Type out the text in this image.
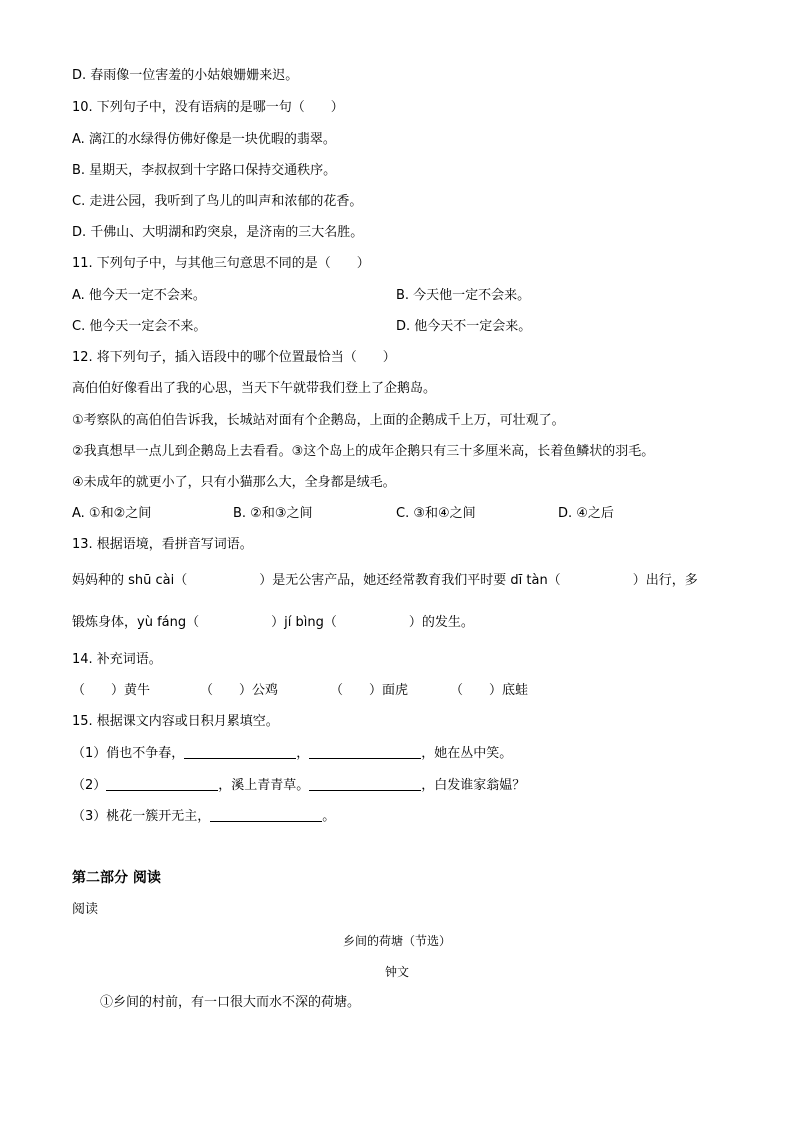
D. 春雨像一位害羞的小姑娘姗姗来迟。
10. 下列句子中，没有语病的是哪一句（　　）
A. 漓江的水绿得仿佛好像是一块优暇的翡翠。
B. 星期天，李叔叔到十字路口保持交通秩序。
C. 走进公园，我听到了鸟儿的叫声和浓郁的花香。
D. 千佛山、大明湖和趵突泉，是济南的三大名胜。
11. 下列句子中，与其他三句意思不同的是（　　）
A. 他今天一定不会来。	B. 今天他一定不会来。
C. 他今天一定会不来。	D. 他今天不一定会来。
12. 将下列句子，插入语段中的哪个位置最恰当（　　）
高伯伯好像看出了我的心思，当天下午就带我们登上了企鹅岛。
①考察队的高伯伯告诉我，长城站对面有个企鹅岛，上面的企鹅成千上万，可壮观了。
②我真想早一点儿到企鹅岛上去看看。③这个岛上的成年企鹅只有三十多厘米高，长着鱼鳞状的羽毛。
④未成年的就更小了，只有小猫那么大，全身都是绒毛。
A. ①和②之间	B. ②和③之间	C. ③和④之间	D. ④之后
13. 根据语境，看拼音写词语。
妈妈种的 shū cài（	）是无公害产品，她还经常教育我们平时要 dī tàn（	）出行，多
锻炼身体，yù fáng（	）jí bìng（	）的发生。
14. 补充词语。
（　　）黄牛	（　　）公鸡	（　　）面虎	（　　）底蛙
15. 根据课文内容或日积月累填空。
（1）俏也不争春，	，	，她在丛中笑。
（2）	，溪上青青草。	，白发谁家翁媪？
（3）桃花一簇开无主，	。
第二部分 阅读
阅读
乡间的荷塘（节选）
钟文
①乡间的村前，有一口很大而水不深的荷塘。
